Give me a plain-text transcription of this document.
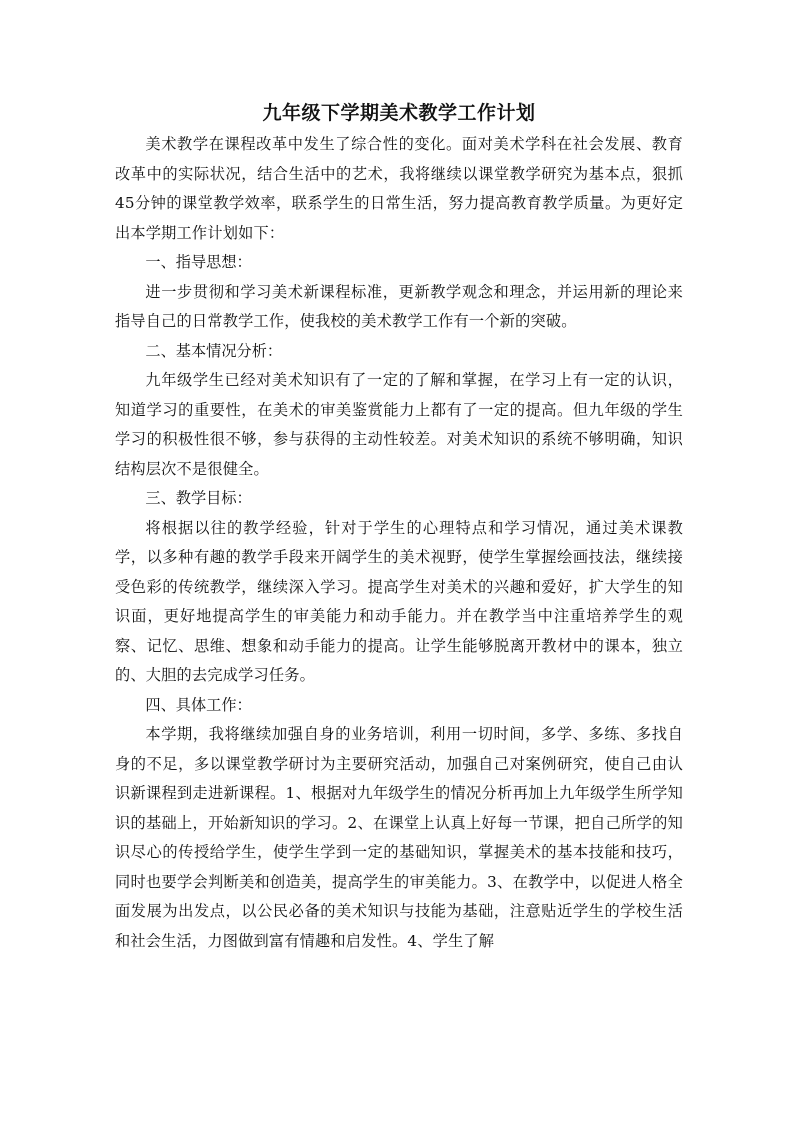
九年级下学期美术教学工作计划

美术教学在课程改革中发生了综合性的变化。面对美术学科在社会发展、教育改革中的实际状况，结合生活中的艺术，我将继续以课堂教学研究为基本点，狠抓45分钟的课堂教学效率，联系学生的日常生活，努力提高教育教学质量。为更好定出本学期工作计划如下：

一、指导思想：

进一步贯彻和学习美术新课程标准，更新教学观念和理念，并运用新的理论来指导自己的日常教学工作，使我校的美术教学工作有一个新的突破。

二、基本情况分析：

九年级学生已经对美术知识有了一定的了解和掌握，在学习上有一定的认识，知道学习的重要性，在美术的审美鉴赏能力上都有了一定的提高。但九年级的学生学习的积极性很不够，参与获得的主动性较差。对美术知识的系统不够明确，知识结构层次不是很健全。

三、教学目标：

将根据以往的教学经验，针对于学生的心理特点和学习情况，通过美术课教学，以多种有趣的教学手段来开阔学生的美术视野，使学生掌握绘画技法，继续接受色彩的传统教学，继续深入学习。提高学生对美术的兴趣和爱好，扩大学生的知识面，更好地提高学生的审美能力和动手能力。并在教学当中注重培养学生的观察、记忆、思维、想象和动手能力的提高。让学生能够脱离开教材中的课本，独立的、大胆的去完成学习任务。

四、具体工作：

本学期，我将继续加强自身的业务培训，利用一切时间，多学、多练、多找自身的不足，多以课堂教学研讨为主要研究活动，加强自己对案例研究，使自己由认识新课程到走进新课程。1、根据对九年级学生的情况分析再加上九年级学生所学知识的基础上，开始新知识的学习。2、在课堂上认真上好每一节课，把自己所学的知识尽心的传授给学生，使学生学到一定的基础知识，掌握美术的基本技能和技巧，同时也要学会判断美和创造美，提高学生的审美能力。3、在教学中，以促进人格全面发展为出发点，以公民必备的美术知识与技能为基础，注意贴近学生的学校生活和社会生活，力图做到富有情趣和启发性。4、学生了解
